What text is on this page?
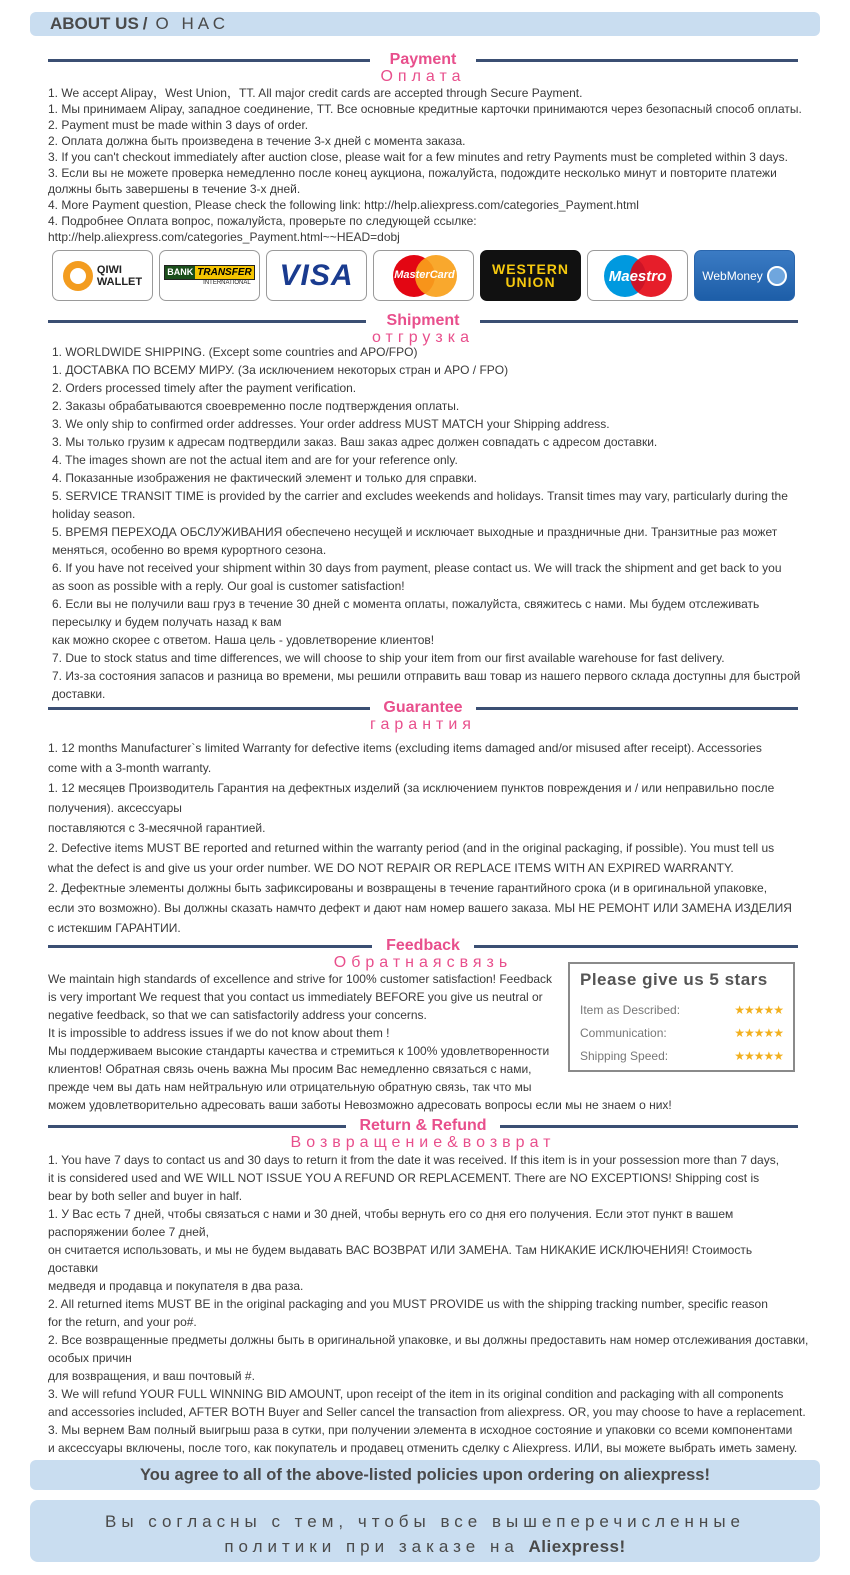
ABOUT US / О НАС
Payment
Оплата
1. We accept Alipay，West Union，TT. All major credit cards are accepted through Secure Payment.
1. Мы принимаем Alipay, западное соединение, TT. Все основные кредитные карточки принимаются через безопасный способ оплаты.
2. Payment must be made within 3 days of order.
2. Оплата должна быть произведена в течение 3-х дней с момента заказа.
3. If you can't checkout immediately after auction close, please wait for a few minutes and retry Payments must be completed within 3 days.
3. Если вы не можете проверка немедленно после конец аукциона, пожалуйста, подождите несколько минут и повторите платежи
должны быть завершены в течение 3-х дней.
4. More Payment question, Please check the following link: http://help.aliexpress.com/categories_Payment.html
4. Подробнее Оплата вопрос, пожалуйста, проверьте по следующей ссылке:
http://help.aliexpress.com/categories_Payment.html~~HEAD=dobj
QIWI
WALLET
BANK TRANSFER
INTERNATIONAL VISA	MasterCard	WESTERN
UNION	Maestro	WebMoney
Shipment
отгрузка
1. WORLDWIDE SHIPPING. (Except some countries and APO/FPO)
1. ДОСТАВКА ПО ВСЕМУ МИРУ. (За исключением некоторых стран и APO / FPO)
2. Orders processed timely after the payment verification.
2. Заказы обрабатываются своевременно после подтверждения оплаты.
3. We only ship to confirmed order addresses. Your order address MUST MATCH your Shipping address.
3. Мы только грузим к адресам подтвердили заказ. Ваш заказ адрес должен совпадать с адресом доставки.
4. The images shown are not the actual item and are for your reference only.
4. Показанные изображения не фактический элемент и только для справки.
5. SERVICE TRANSIT TIME is provided by the carrier and excludes weekends and holidays. Transit times may vary, particularly during the
holiday season.
5. ВРЕМЯ ПЕРЕХОДА ОБСЛУЖИВАНИЯ обеспечено несущей и исключает выходные и праздничные дни. Транзитные раз может
меняться, особенно во время курортного сезона.
6. If you have not received your shipment within 30 days from payment, please contact us. We will track the shipment and get back to you
as soon as possible with a reply. Our goal is customer satisfaction!
6. Если вы не получили ваш груз в течение 30 дней с момента оплаты, пожалуйста, свяжитесь с нами. Мы будем отслеживать
пересылку и будем получать назад к вам
как можно скорее с ответом. Наша цель - удовлетворение клиентов!
7. Due to stock status and time differences, we will choose to ship your item from our first available warehouse for fast delivery.
7. Из-за состояния запасов и разница во времени, мы решили отправить ваш товар из нашего первого склада доступны для быстрой
доставки.
Guarantee
гарантия
1. 12 months Manufacturer`s limited Warranty for defective items (excluding items damaged and/or misused after receipt). Accessories
come with a 3-month warranty.
1. 12 месяцев Производитель Гарантия на дефектных изделий (за исключением пунктов повреждения и / или неправильно после
получения). аксессуары
поставляются с 3-месячной гарантией.
2. Defective items MUST BE reported and returned within the warranty period (and in the original packaging, if possible). You must tell us
what the defect is and give us your order number. WE DO NOT REPAIR OR REPLACE ITEMS WITH AN EXPIRED WARRANTY.
2. Дефектные элементы должны быть зафиксированы и возвращены в течение гарантийного срока (и в оригинальной упаковке,
если это возможно). Вы должны сказать намчто дефект и дают нам номер вашего заказа. МЫ НЕ РЕМОНТ ИЛИ ЗАМЕНА ИЗДЕЛИЯ
с истекшим ГАРАНТИИ.
Feedback
Обратнаясвязь
We maintain high standards of excellence and strive for 100% customer satisfaction! Feedback
is very important We request that you contact us immediately BEFORE you give us neutral or
negative feedback, so that we can satisfactorily address your concerns.
It is impossible to address issues if we do not know about them !
Мы поддерживаем высокие стандарты качества и стремиться к 100% удовлетворенности
клиентов! Обратная связь очень важна Мы просим Вас немедленно связаться с нами,
прежде чем вы дать нам нейтральную или отрицательную обратную связь, так что мы
можем удовлетворительно адресовать ваши заботы Невозможно адресовать вопросы если мы не знаем о них!
Please give us 5 stars
Item as Described:	★★★★★
Communication:	★★★★★
Shipping Speed:	★★★★★
Return & Refund
Возвращение&возврат
1. You have 7 days to contact us and 30 days to return it from the date it was received. If this item is in your possession more than 7 days,
it is considered used and WE WILL NOT ISSUE YOU A REFUND OR REPLACEMENT. There are NO EXCEPTIONS! Shipping cost is
bear by both seller and buyer in half.
1. У Вас есть 7 дней, чтобы связаться с нами и 30 дней, чтобы вернуть его со дня его получения. Если этот пункт в вашем
распоряжении более 7 дней,
он считается использовать, и мы не будем выдавать ВАС ВОЗВРАТ ИЛИ ЗАМЕНА. Там НИКАКИЕ ИСКЛЮЧЕНИЯ! Стоимость
доставки
медведя и продавца и покупателя в два раза.
2. All returned items MUST BE in the original packaging and you MUST PROVIDE us with the shipping tracking number, specific reason
for the return, and your po#.
2. Все возвращенные предметы должны быть в оригинальной упаковке, и вы должны предоставить нам номер отслеживания доставки,
особых причин
для возвращения, и ваш почтовый #.
3. We will refund YOUR FULL WINNING BID AMOUNT, upon receipt of the item in its original condition and packaging with all components
and accessories included, AFTER BOTH Buyer and Seller cancel the transaction from aliexpress. OR, you may choose to have a replacement.
3. Мы вернем Вам полный выигрыш раза в сутки, при получении элемента в исходное состояние и упаковки со всеми компонентами
и аксессуары включены, после того, как покупатель и продавец отменить сделку с Aliexpress. ИЛИ, вы можете выбрать иметь замену.
You agree to all of the above-listed policies upon ordering on aliexpress!
Вы согласны с тем, чтобы все вышеперечисленные
политики при заказе на Aliexpress!
